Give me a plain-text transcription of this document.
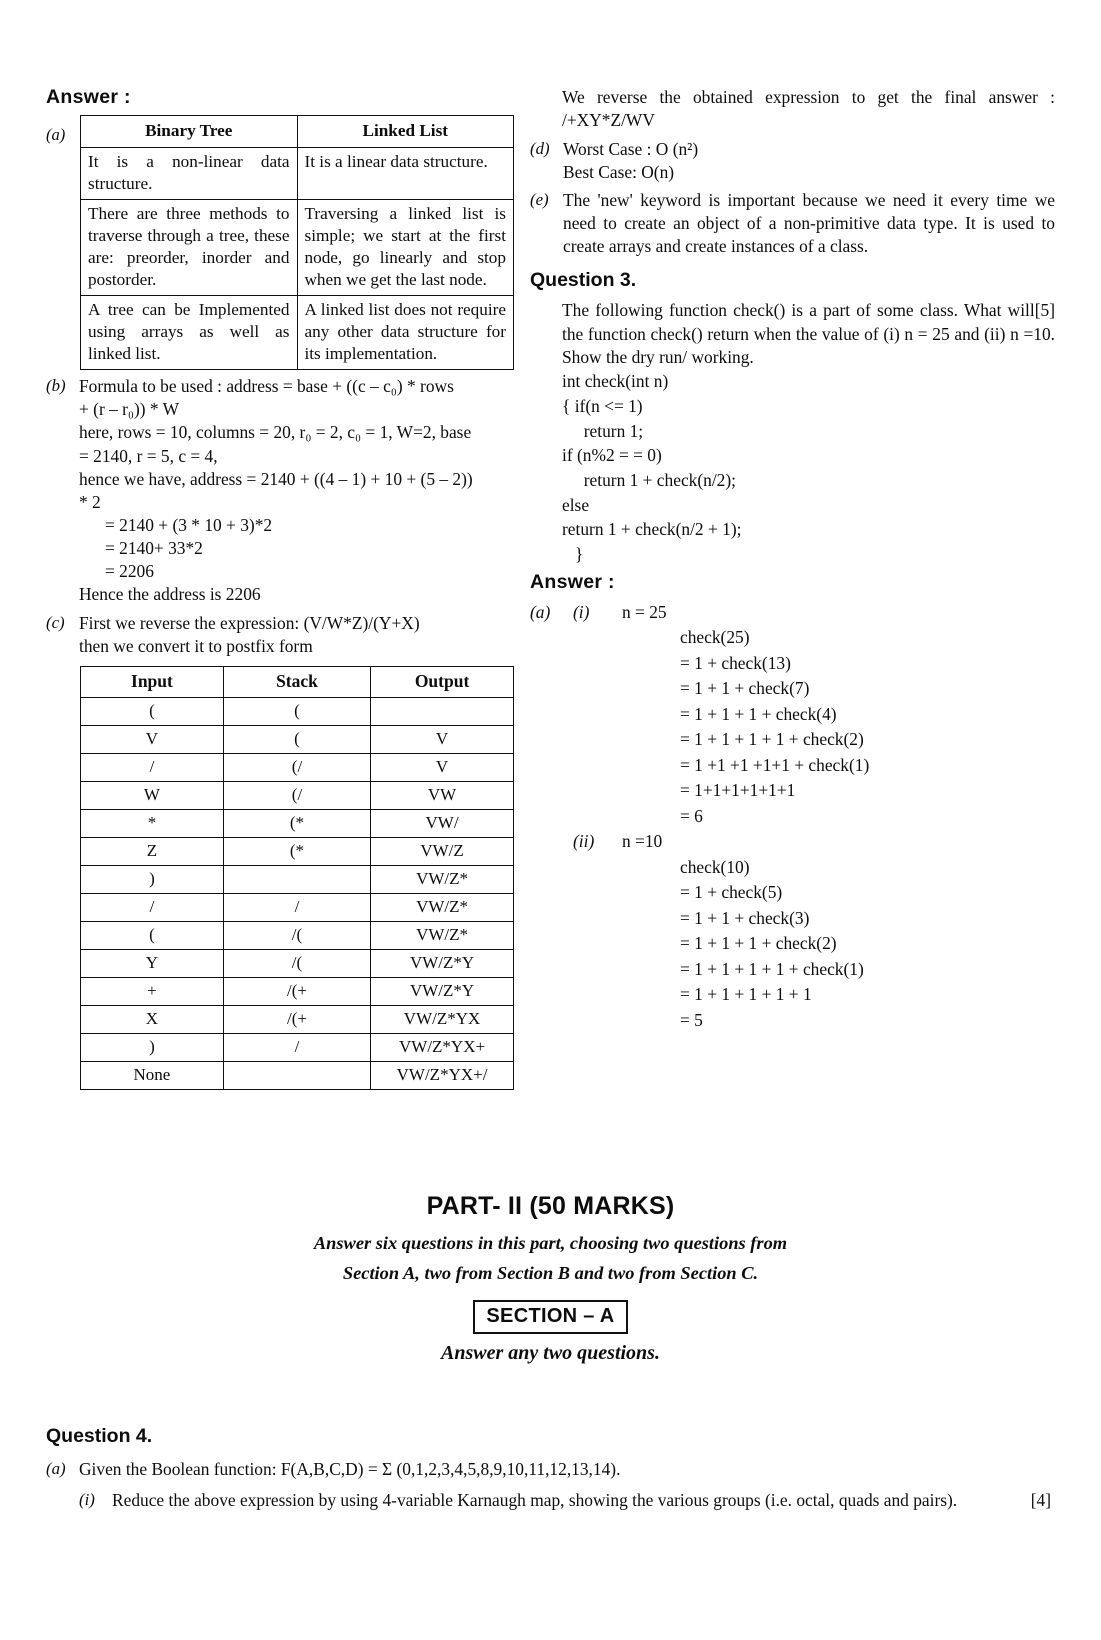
Answer :
(a)	Binary Tree	Linked List
It is a non-linear data structure.	It is a linear data structure.
There are three methods to traverse through a tree, these are: preorder, inorder and postorder.	Traversing a linked list is simple; we start at the first node, go linearly and stop when we get the last node.
A tree can be Implemented using arrays as well as linked list.	A linked list does not require any other data structure for its implementation.
(b) Formula to be used : address = base + ((c – c₀) * rows
+ (r – r₀)) * W
here, rows = 10, columns = 20, r₀ = 2, c₀ = 1, W=2, base
= 2140, r = 5, c = 4,
hence we have, address = 2140 + ((4 – 1) + 10 + (5 – 2))
* 2
= 2140 + (3 * 10 + 3)*2
= 2140+ 33*2
= 2206
Hence the address is 2206
(c) First we reverse the expression: (V/W*Z)/(Y+X)
then we convert it to postfix form
Input	Stack	Output
(	(	
V	(	V
/	(/	V
W	(/	VW
*	(*	VW/
Z	(*	VW/Z
)		VW/Z*
/	/	VW/Z*
(	/(	VW/Z*
Y	/(	VW/Z*Y
+	/(+	VW/Z*Y
X	/(+	VW/Z*YX
)	/	VW/Z*YX+
None		VW/Z*YX+/
We reverse the obtained expression to get the final answer : /+XY*Z/WV
(d) Worst Case : O (n²)
Best Case: O(n)
(e) The 'new' keyword is important because we need it every time we need to create an object of a non-primitive data type. It is used to create arrays and create instances of a class.
Question 3.
[5]
The following function check() is a part of some class. What will the function check() return when the value of (i) n = 25 and (ii) n =10. Show the dry run/ working.
int check(int n)
{ if(n <= 1)
return 1;
if (n%2 = = 0)
return 1 + check(n/2);
else
return 1 + check(n/2 + 1);
}
Answer :
(a) (i) n = 25
check(25)
= 1 + check(13)
= 1 + 1 + check(7)
= 1 + 1 + 1 + check(4)
= 1 + 1 + 1 + 1 + check(2)
= 1 +1 +1 +1+1 + check(1)
= 1+1+1+1+1+1
= 6
(ii) n =10
check(10)
= 1 + check(5)
= 1 + 1 + check(3)
= 1 + 1 + 1 + check(2)
= 1 + 1 + 1 + 1 + check(1)
= 1 + 1 + 1 + 1 + 1
= 5
PART- II (50 MARKS)
Answer six questions in this part, choosing two questions from
Section A, two from Section B and two from Section C.
SECTION – A
Answer any two questions.
Question 4.
(a) Given the Boolean function: F(A,B,C,D) = Σ (0,1,2,3,4,5,8,9,10,11,12,13,14).
(i)	[4]
Reduce the above expression by using 4-variable Karnaugh map, showing the various groups (i.e. octal, quads and pairs).
